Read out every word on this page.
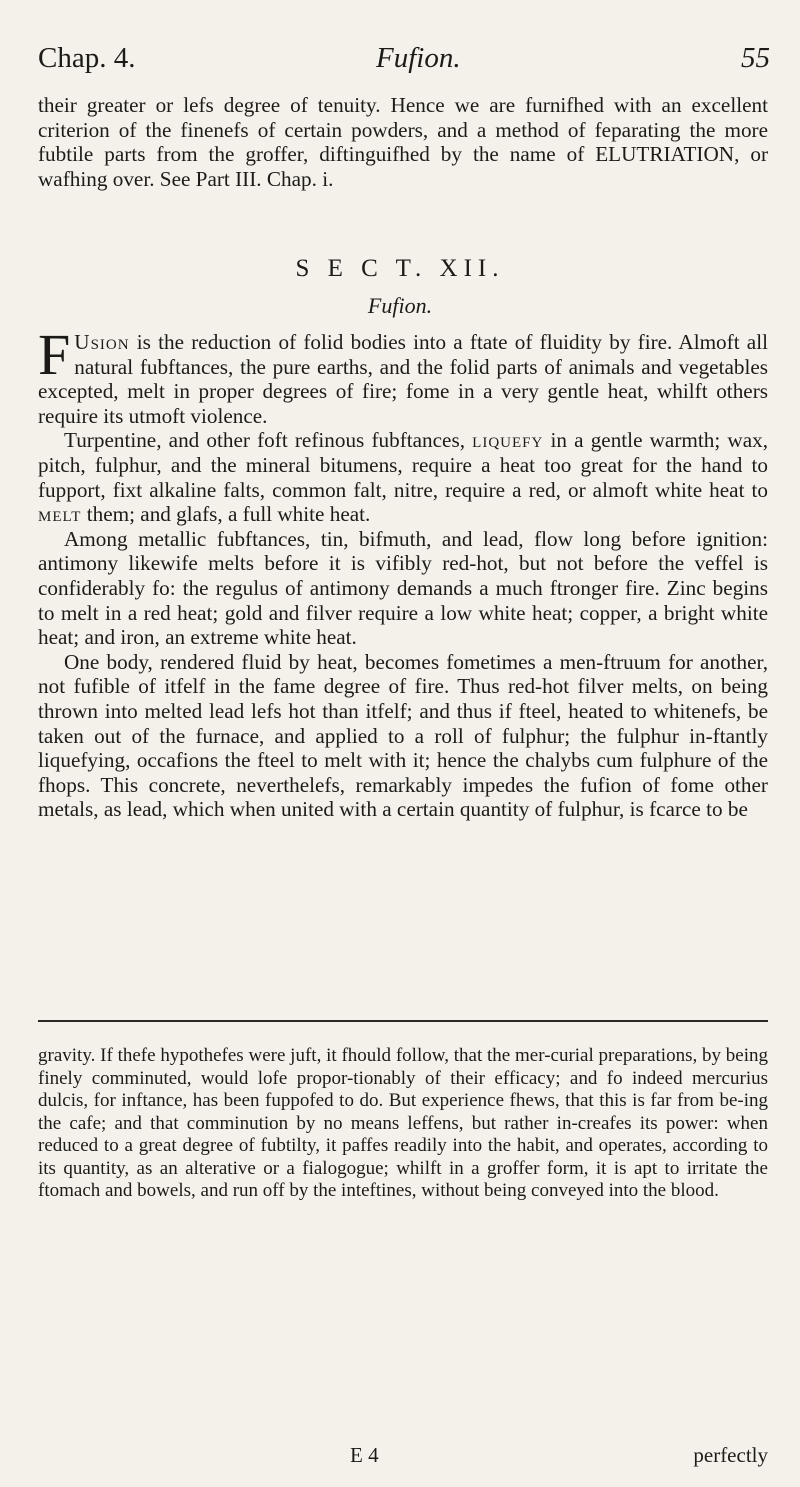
Chap. 4.	Fufion.	55

their greater or lefs degree of tenuity. Hence we are furnifhed with an excellent criterion of the finenefs of certain powders, and a method of feparating the more fubtile parts from the groffer, diftinguifhed by the name of ELUTRIATION, or wafhing over. See Part III. Chap. i.

S E C T. XII.
Fufion.

F Usion is the reduction of folid bodies into a ftate of fluidity by fire. Almoft all natural fubftances, the pure earths, and the folid parts of animals and vegetables excepted, melt in proper degrees of fire; fome in a very gentle heat, whilft others require its utmoft violence.

Turpentine, and other foft refinous fubftances, liquefy in a gentle warmth; wax, pitch, fulphur, and the mineral bitumens, require a heat too great for the hand to fupport, fixt alkaline falts, common falt, nitre, require a red, or almoft white heat to melt them; and glafs, a full white heat.

Among metallic fubftances, tin, bifmuth, and lead, flow long before ignition: antimony likewife melts before it is vifibly red-hot, but not before the veffel is confiderably fo: the regulus of antimony demands a much ftronger fire. Zinc begins to melt in a red heat; gold and filver require a low white heat; copper, a bright white heat; and iron, an extreme white heat.

One body, rendered fluid by heat, becomes fometimes a men-ftruum for another, not fufible of itfelf in the fame degree of fire. Thus red-hot filver melts, on being thrown into melted lead lefs hot than itfelf; and thus if fteel, heated to whitenefs, be taken out of the furnace, and applied to a roll of fulphur; the fulphur in-ftantly liquefying, occafions the fteel to melt with it; hence the chalybs cum fulphure of the fhops. This concrete, neverthelefs, remarkably impedes the fufion of fome other metals, as lead, which when united with a certain quantity of fulphur, is fcarce to be

gravity. If thefe hypothefes were juft, it fhould follow, that the mer-curial preparations, by being finely comminuted, would lofe propor-tionably of their efficacy; and fo indeed mercurius dulcis, for inftance, has been fuppofed to do. But experience fhews, that this is far from be-ing the cafe; and that comminution by no means leffens, but rather in-creafes its power: when reduced to a great degree of fubtilty, it paffes readily into the habit, and operates, according to its quantity, as an alterative or a fialogogue; whilft in a groffer form, it is apt to irritate the ftomach and bowels, and run off by the inteftines, without being conveyed into the blood.

E 4	perfectly
